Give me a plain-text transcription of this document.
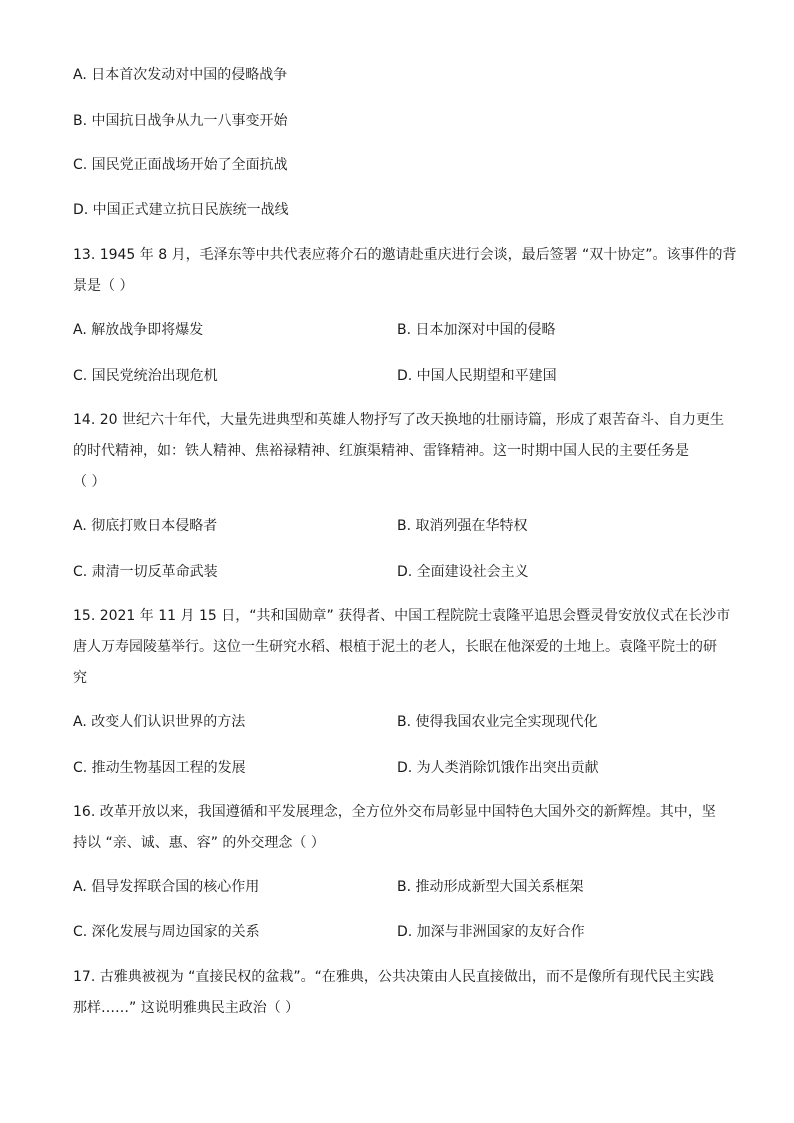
A. 日本首次发动对中国的侵略战争
B. 中国抗日战争从九一八事变开始
C. 国民党正面战场开始了全面抗战
D. 中国正式建立抗日民族统一战线
13. 1945 年 8 月，毛泽东等中共代表应蒋介石的邀请赴重庆进行会谈，最后签署 “双十协定”。该事件的背
景是（ ）
A. 解放战争即将爆发	B. 日本加深对中国的侵略
C. 国民党统治出现危机	D. 中国人民期望和平建国
14. 20 世纪六十年代，大量先进典型和英雄人物抒写了改天换地的壮丽诗篇，形成了艰苦奋斗、自力更生
的时代精神，如：铁人精神、焦裕禄精神、红旗渠精神、雷锋精神。这一时期中国人民的主要任务是
（ ）
A. 彻底打败日本侵略者	B. 取消列强在华特权
C. 肃清一切反革命武装	D. 全面建设社会主义
15. 2021 年 11 月 15 日，“共和国勋章” 获得者、中国工程院院士袁隆平追思会暨灵骨安放仪式在长沙市
唐人万寿园陵墓举行。这位一生研究水稻、根植于泥土的老人，长眠在他深爱的土地上。袁隆平院士的研
究
A. 改变人们认识世界的方法	B. 使得我国农业完全实现现代化
C. 推动生物基因工程的发展	D. 为人类消除饥饿作出突出贡献
16. 改革开放以来，我国遵循和平发展理念，全方位外交布局彰显中国特色大国外交的新辉煌。其中，坚
持以 “亲、诚、惠、容” 的外交理念（ ）
A. 倡导发挥联合国的核心作用	B. 推动形成新型大国关系框架
C. 深化发展与周边国家的关系	D. 加深与非洲国家的友好合作
17. 古雅典被视为 “直接民权的盆栽”。“在雅典，公共决策由人民直接做出，而不是像所有现代民主实践
那样……” 这说明雅典民主政治（ ）
